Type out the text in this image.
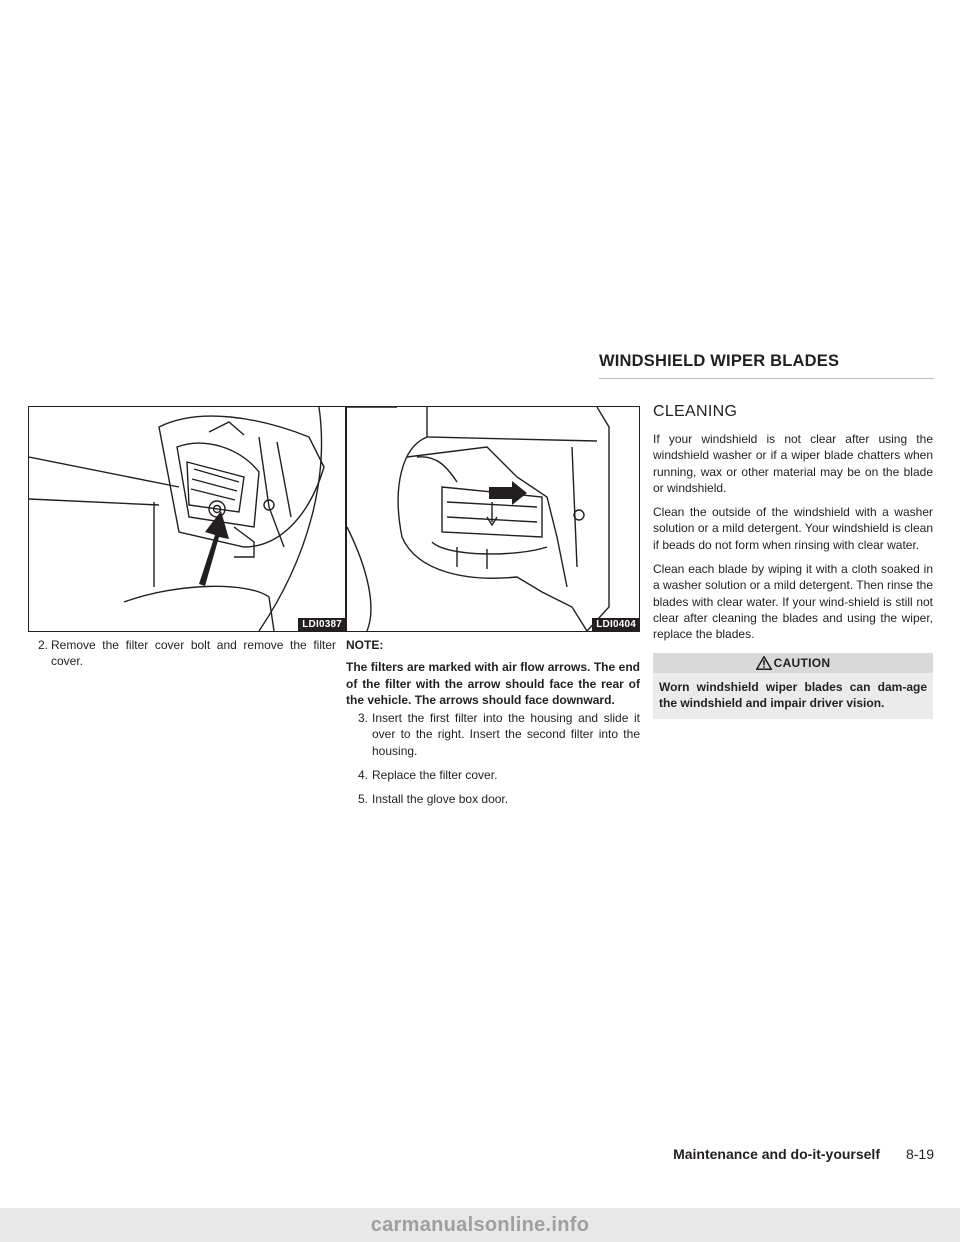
WINDSHIELD WIPER BLADES
LDI0387	LDI0404
2. Remove the filter cover bolt and remove the filter cover.
NOTE:
The filters are marked with air flow arrows. The end of the filter with the arrow should face the rear of the vehicle. The arrows should face downward.
3. Insert the first filter into the housing and slide it over to the right. Insert the second filter into the housing.
4. Replace the filter cover.
5. Install the glove box door.
CLEANING
If your windshield is not clear after using the windshield washer or if a wiper blade chatters when running, wax or other material may be on the blade or windshield.
Clean the outside of the windshield with a washer solution or a mild detergent. Your windshield is clean if beads do not form when rinsing with clear water.
Clean each blade by wiping it with a cloth soaked in a washer solution or a mild detergent. Then rinse the blades with clear water. If your wind-shield is still not clear after cleaning the blades and using the wiper, replace the blades.
CAUTION
Worn windshield wiper blades can dam-age the windshield and impair driver vision.
Maintenance and do-it-yourself 8-19
carmanualsonline.info
